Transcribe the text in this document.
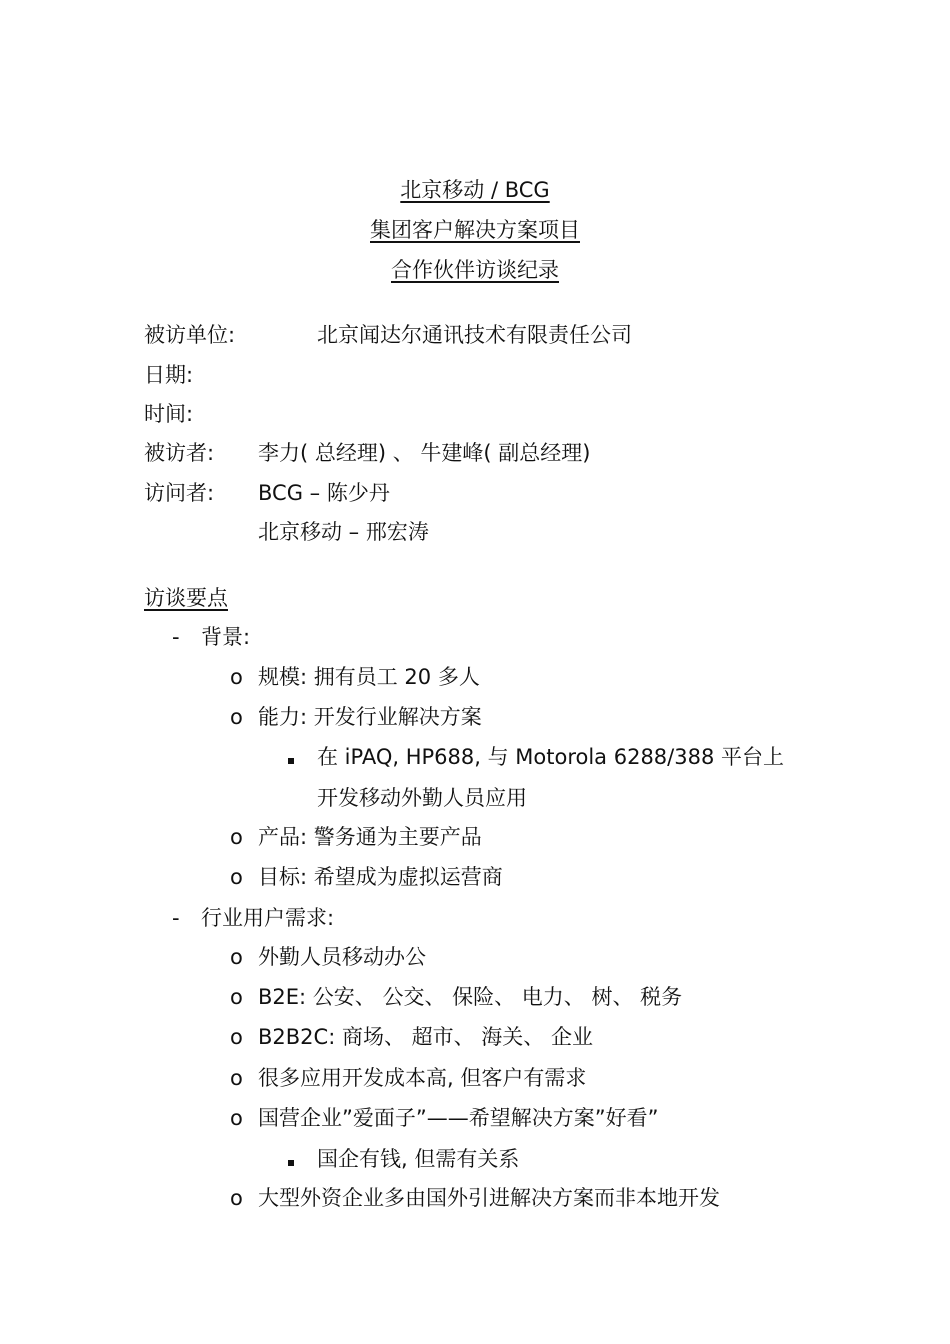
北京移动 / BCG
集团客户解决方案项目
合作伙伴访谈纪录
被访单位:	北京闻达尔通讯技术有限责任公司
日期:
时间:
被访者: 李力( 总经理) 、 牛建峰( 副总经理)
访问者: BCG – 陈少丹
北京移动 – 邢宏涛
访谈要点
- 背景:
o 规模: 拥有员工 20 多人
o 能力: 开发行业解决方案
在 iPAQ, HP688, 与 Motorola 6288/388 平台上
开发移动外勤人员应用
o 产品: 警务通为主要产品
o 目标: 希望成为虚拟运营商
- 行业用户需求:
o 外勤人员移动办公
o B2E: 公安、 公交、 保险、 电力、 树、 税务
o B2B2C: 商场、 超市、 海关、 企业
o 很多应用开发成本高, 但客户有需求
o 国营企业”爱面子”——希望解决方案”好看”
国企有钱, 但需有关系
o 大型外资企业多由国外引进解决方案而非本地开发
